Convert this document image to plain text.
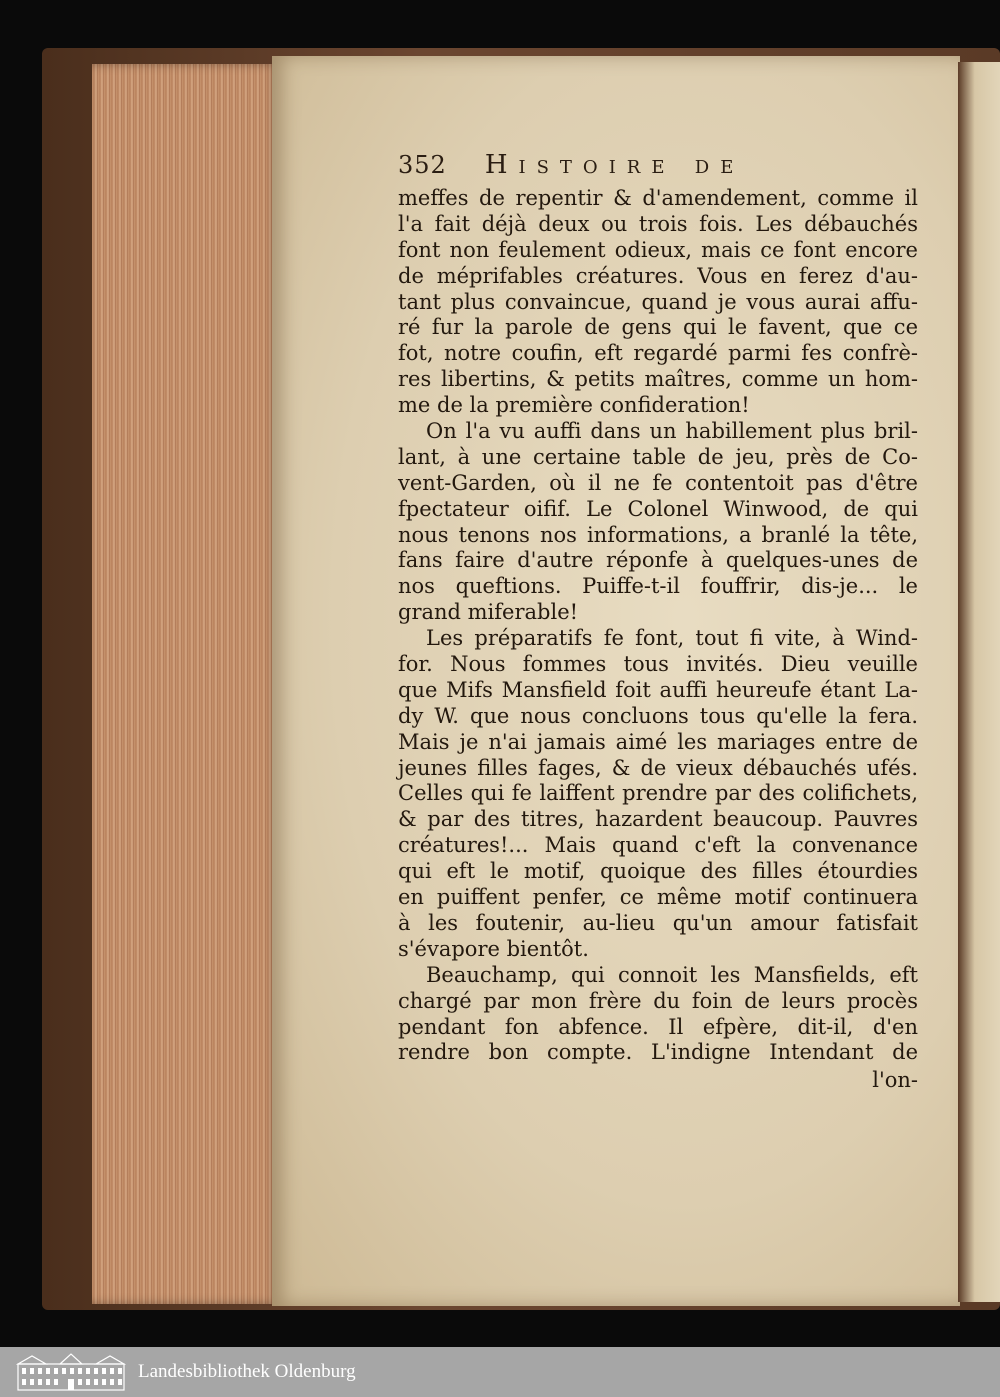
352 Histoire de
meffes de repentir & d'amendement, comme il
l'a fait déjà deux ou trois fois. Les débauchés
font non feulement odieux, mais ce font encore
de méprifables créatures. Vous en ferez d'au-
tant plus convaincue, quand je vous aurai affu-
ré fur la parole de gens qui le favent, que ce
fot, notre coufin, eft regardé parmi fes confrè-
res libertins, & petits maîtres, comme un hom-
me de la première confideration!
On l'a vu auffi dans un habillement plus bril-
lant, à une certaine table de jeu, près de Co-
vent-Garden, où il ne fe contentoit pas d'être
fpectateur oifif. Le Colonel Winwood, de qui
nous tenons nos informations, a branlé la tête,
fans faire d'autre réponfe à quelques-unes de
nos queftions. Puiffe-t-il fouffrir, dis-je... le
grand miferable!
Les préparatifs fe font, tout fi vite, à Wind-
for. Nous fommes tous invités. Dieu veuille
que Mifs Mansfield foit auffi heureufe étant La-
dy W. que nous concluons tous qu'elle la fera.
Mais je n'ai jamais aimé les mariages entre de
jeunes filles fages, & de vieux débauchés ufés.
Celles qui fe laiffent prendre par des colifichets,
& par des titres, hazardent beaucoup. Pauvres
créatures!... Mais quand c'eft la convenance
qui eft le motif, quoique des filles étourdies
en puiffent penfer, ce même motif continuera
à les foutenir, au-lieu qu'un amour fatisfait
s'évapore bientôt.
Beauchamp, qui connoit les Mansfields, eft
chargé par mon frère du foin de leurs procès
pendant fon abfence. Il efpère, dit-il, d'en
rendre bon compte. L'indigne Intendant de
l'on-
Landesbibliothek Oldenburg
